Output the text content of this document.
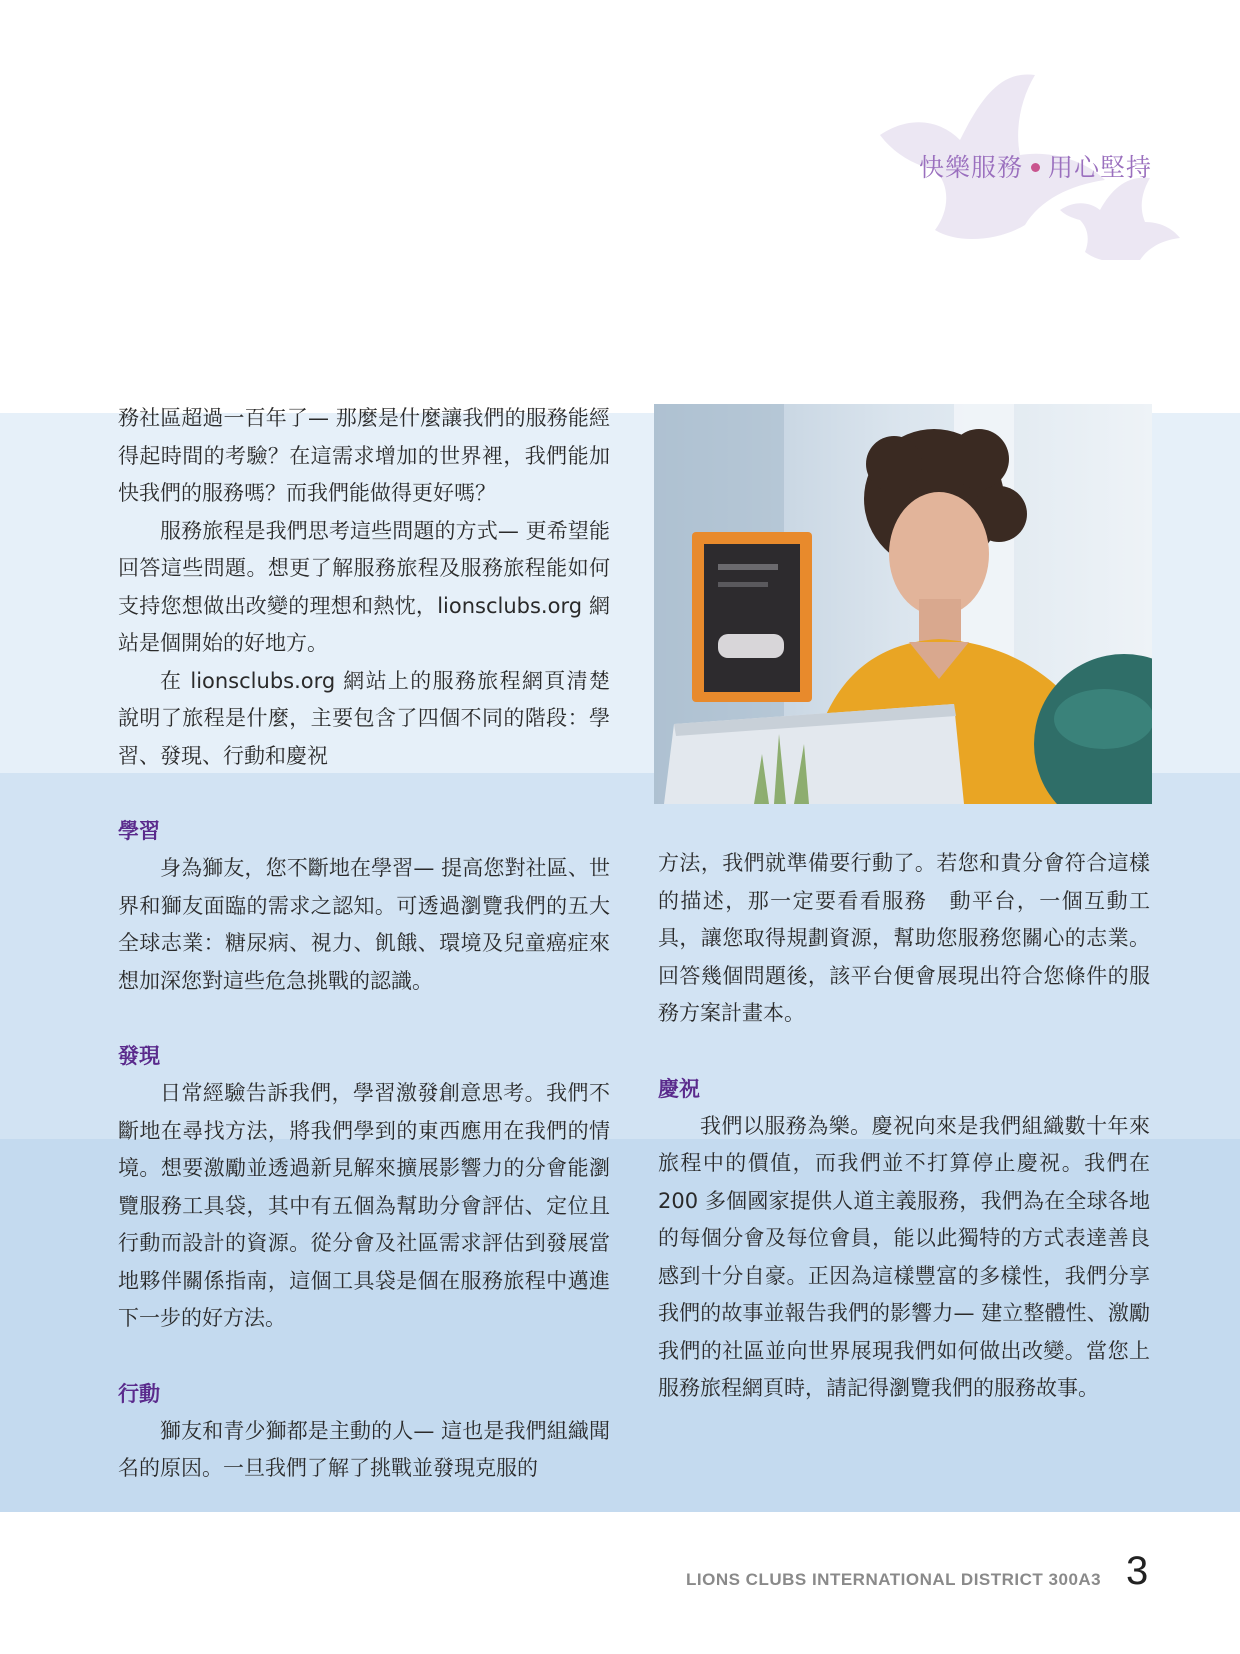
快樂服務 用心堅持

務社區超過一百年了— 那麼是什麼讓我們的服務能經得起時間的考驗？在這需求增加的世界裡，我們能加快我們的服務嗎？而我們能做得更好嗎？

服務旅程是我們思考這些問題的方式— 更希望能回答這些問題。想更了解服務旅程及服務旅程能如何支持您想做出改變的理想和熱忱，lionsclubs.org 網站是個開始的好地方。

在 lionsclubs.org 網站上的服務旅程網頁清楚說明了旅程是什麼，主要包含了四個不同的階段：學習、發現、行動和慶祝

學習

身為獅友，您不斷地在學習— 提高您對社區、世界和獅友面臨的需求之認知。可透過瀏覽我們的五大全球志業：糖尿病、視力、飢餓、環境及兒童癌症來想加深您對這些危急挑戰的認識。

發現

日常經驗告訴我們，學習激發創意思考。我們不斷地在尋找方法，將我們學到的東西應用在我們的情境。想要激勵並透過新見解來擴展影響力的分會能瀏覽服務工具袋，其中有五個為幫助分會評估、定位且行動而設計的資源。從分會及社區需求評估到發展當地夥伴關係指南，這個工具袋是個在服務旅程中邁進下一步的好方法。

行動

獅友和青少獅都是主動的人— 這也是我們組織聞名的原因。一旦我們了解了挑戰並發現克服的

方法，我們就準備要行動了。若您和貴分會符合這樣的描述，那一定要看看服務　動平台，一個互動工具，讓您取得規劃資源，幫助您服務您關心的志業。回答幾個問題後，該平台便會展現出符合您條件的服務方案計畫本。

慶祝

我們以服務為樂。慶祝向來是我們組織數十年來旅程中的價值，而我們並不打算停止慶祝。我們在 200 多個國家提供人道主義服務，我們為在全球各地的每個分會及每位會員，能以此獨特的方式表達善良感到十分自豪。正因為這樣豐富的多樣性，我們分享我們的故事並報告我們的影響力— 建立整體性、激勵我們的社區並向世界展現我們如何做出改變。當您上服務旅程網頁時，請記得瀏覽我們的服務故事。

LIONS CLUBS INTERNATIONAL DISTRICT 300A3 3
